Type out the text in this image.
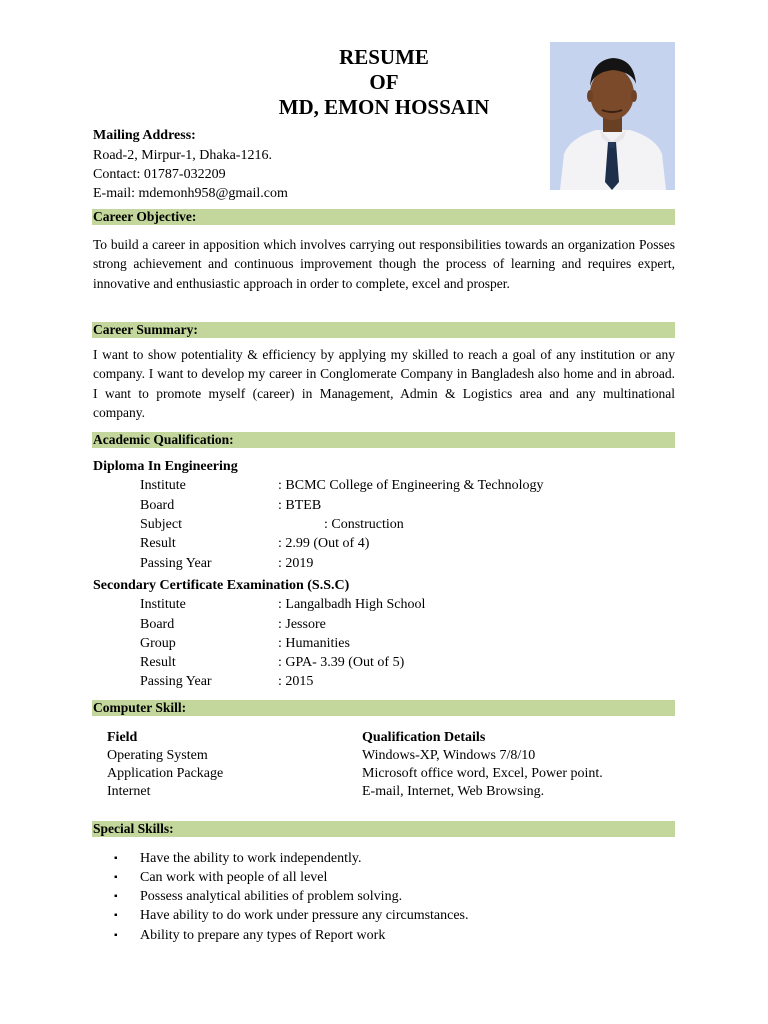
RESUME
OF
MD, EMON HOSSAIN
Mailing Address:
Road-2, Mirpur-1, Dhaka-1216.
Contact: 01787-032209
E-mail: mdemonh958@gmail.com
Career Objective:
To build a career in apposition which involves carrying out responsibilities towards an organization Posses strong achievement and continuous improvement though the process of learning and requires expert, innovative and enthusiastic approach in order to complete, excel and prosper.
Career Summary:
I want to show potentiality & efficiency by applying my skilled to reach a goal of any institution or any company. I want to develop my career in Conglomerate Company in Bangladesh also home and in abroad. I want to promote myself (career) in Management, Admin & Logistics area and any multinational company.
Academic Qualification:
Diploma In Engineering
Institute	: BCMC College of Engineering & Technology
Board	: BTEB
Subject	: Construction
Result	: 2.99 (Out of 4)
Passing Year	: 2019
Secondary Certificate Examination (S.S.C)
Institute	: Langalbadh High School
Board	: Jessore
Group	: Humanities
Result	: GPA- 3.39 (Out of 5)
Passing Year	: 2015
Computer Skill:
Field	Qualification Details
Operating System	Windows-XP, Windows 7/8/10
Application Package	Microsoft office word, Excel, Power point.
Internet	E-mail, Internet, Web Browsing.
Special Skills:
▪ Have the ability to work independently.
▪ Can work with people of all level
▪ Possess analytical abilities of problem solving.
▪ Have ability to do work under pressure any circumstances.
▪ Ability to prepare any types of Report work
